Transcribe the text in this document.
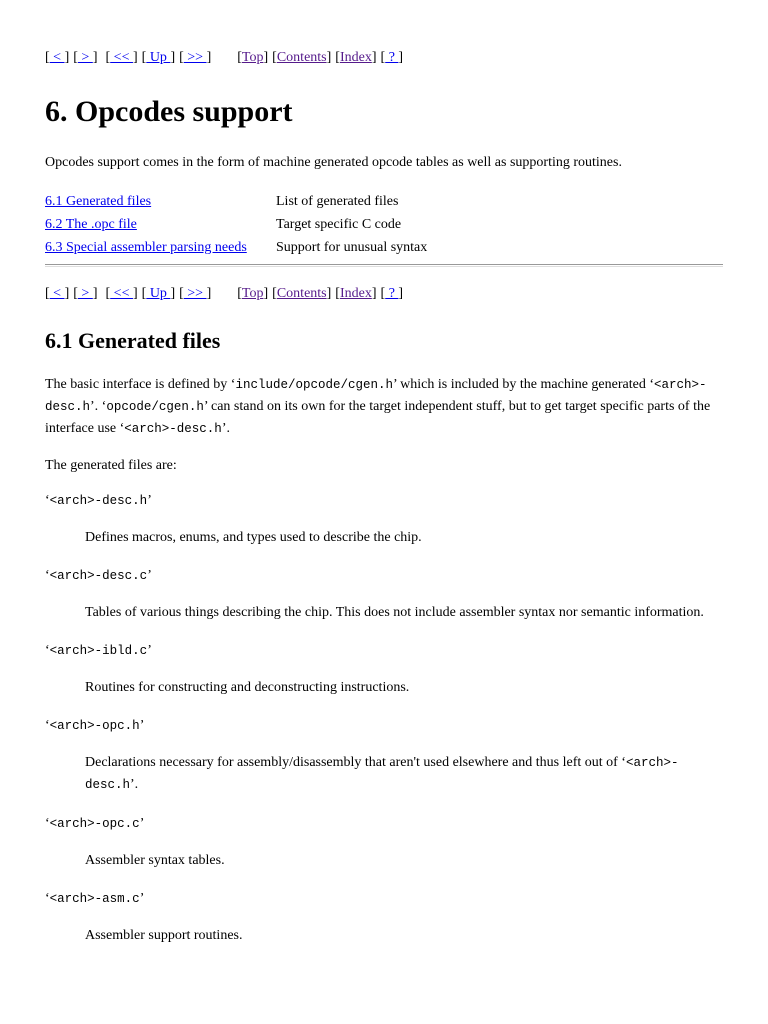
[ < ] [ > ] [ << ] [ Up ] [ >> ] [Top] [Contents] [Index] [ ? ]
6. Opcodes support

Opcodes support comes in the form of machine generated opcode tables as well as supporting routines.

6.1 Generated files	List of generated files
6.2 The .opc file	Target specific C code
6.3 Special assembler parsing needs	Support for unusual syntax
[ < ] [ > ] [ << ] [ Up ] [ >> ] [Top] [Contents] [Index] [ ? ]
6.1 Generated files

The basic interface is defined by ‘include/opcode/cgen.h’ which is included by the machine generated ‘<arch>-desc.h’. ‘opcode/cgen.h’ can stand on its own for the target independent stuff, but to get target specific parts of the interface use ‘<arch>-desc.h’.

The generated files are:

‘<arch>-desc.h’
Defines macros, enums, and types used to describe the chip.
‘<arch>-desc.c’
Tables of various things describing the chip. This does not include assembler syntax nor semantic information.
‘<arch>-ibld.c’
Routines for constructing and deconstructing instructions.
‘<arch>-opc.h’
Declarations necessary for assembly/disassembly that aren't used elsewhere and thus left out of ‘<arch>-desc.h’.
‘<arch>-opc.c’
Assembler syntax tables.
‘<arch>-asm.c’
Assembler support routines.
